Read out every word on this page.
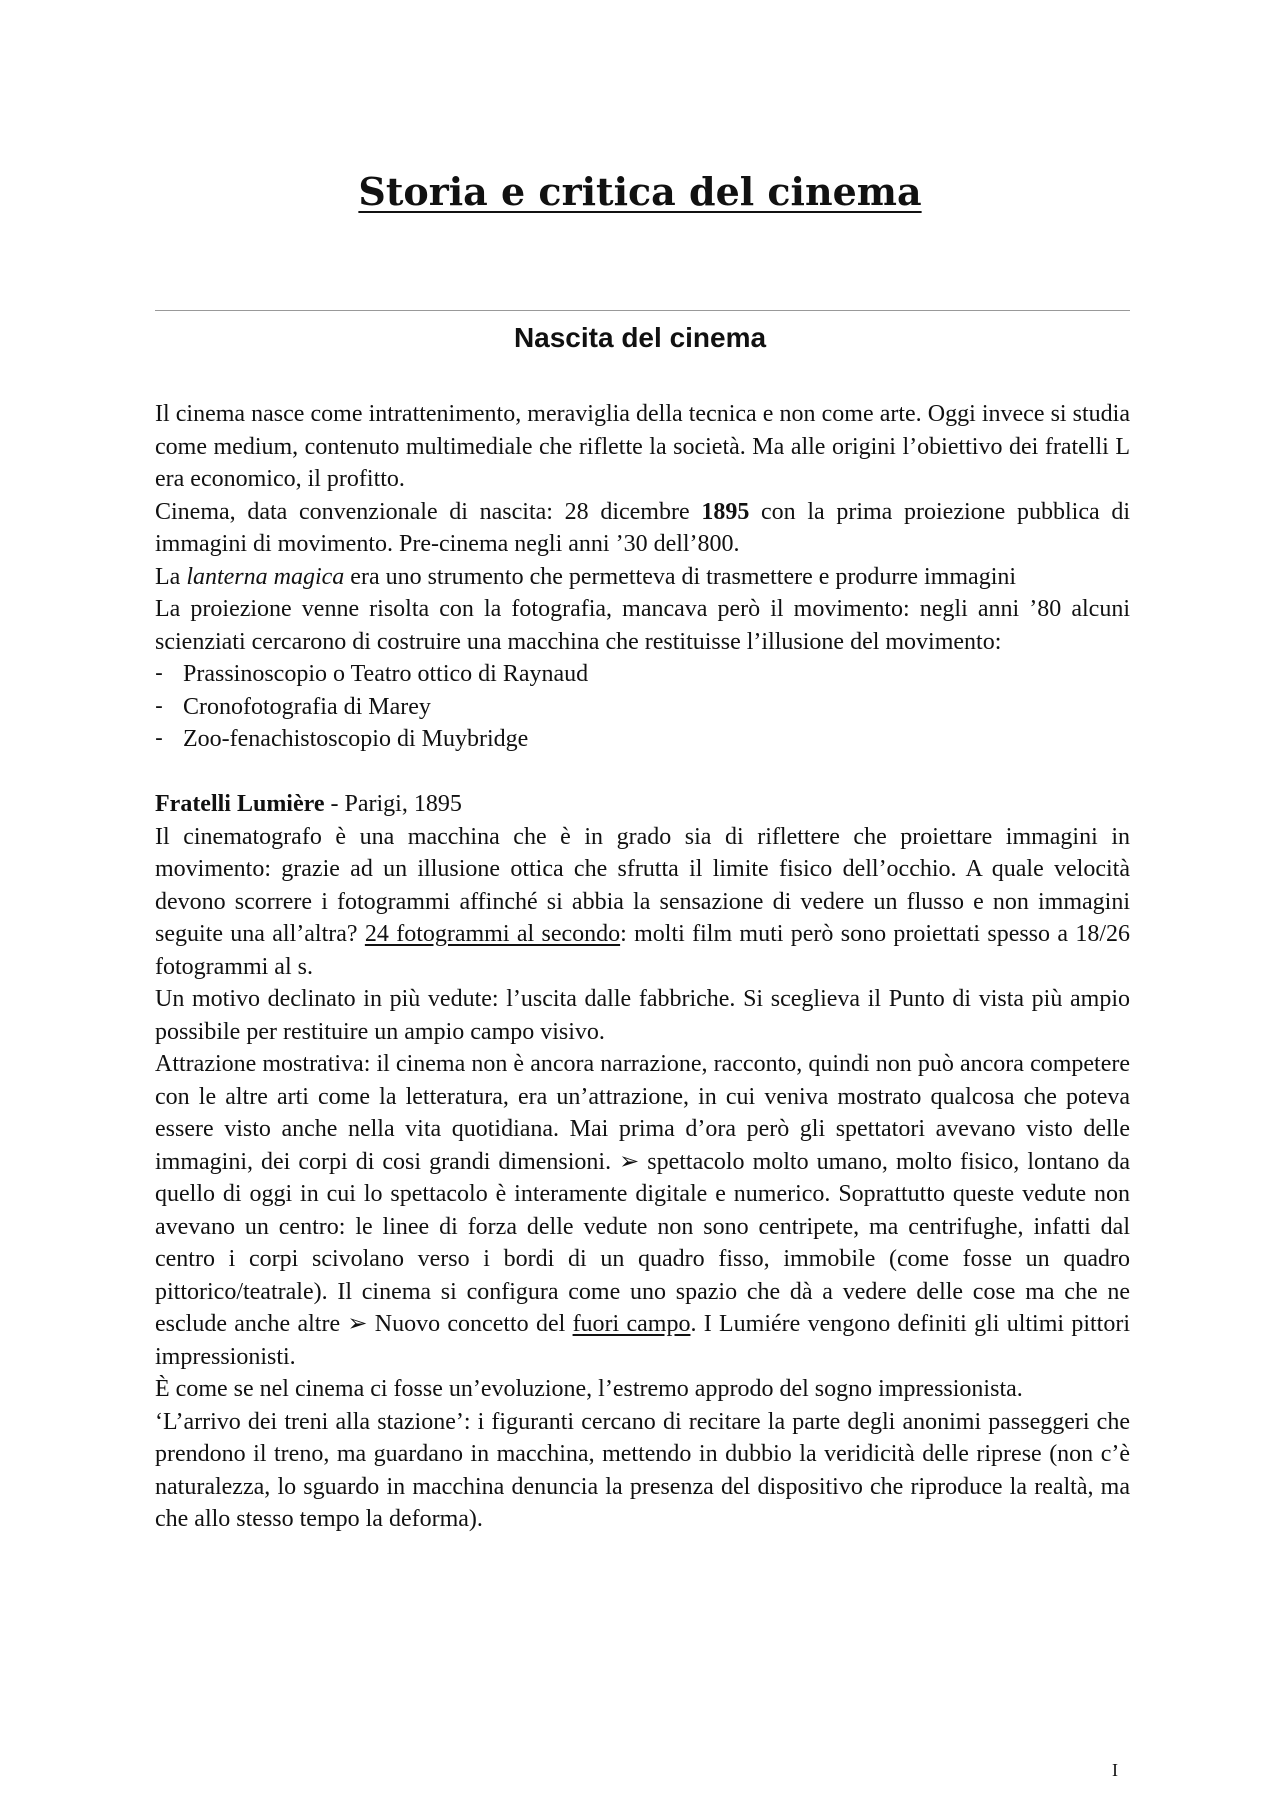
Storia e critica del cinema
Nascita del cinema

Il cinema nasce come intrattenimento, meraviglia della tecnica e non come arte. Oggi invece si studia come medium, contenuto multimediale che riflette la società. Ma alle origini l’obiettivo dei fratelli L era economico, il profitto.

Cinema, data convenzionale di nascita: 28 dicembre 1895 con la prima proiezione pubblica di immagini di movimento. Pre-cinema negli anni ’30 dell’800.

La lanterna magica era uno strumento che permetteva di trasmettere e produrre immagini

La proiezione venne risolta con la fotografia, mancava però il movimento: negli anni ’80 alcuni scienziati cercarono di costruire una macchina che restituisse l’illusione del movimento:

- Prassinoscopio o Teatro ottico di Raynaud
- Cronofotografia di Marey
- Zoo-fenachistoscopio di Muybridge

Fratelli Lumière - Parigi, 1895

Il cinematografo è una macchina che è in grado sia di riflettere che proiettare immagini in movimento: grazie ad un illusione ottica che sfrutta il limite fisico dell’occhio. A quale velocità devono scorrere i fotogrammi affinché si abbia la sensazione di vedere un flusso e non immagini seguite una all’altra? 24 fotogrammi al secondo: molti film muti però sono proiettati spesso a 18/26 fotogrammi al s.

Un motivo declinato in più vedute: l’uscita dalle fabbriche. Si sceglieva il Punto di vista più ampio possibile per restituire un ampio campo visivo.

Attrazione mostrativa: il cinema non è ancora narrazione, racconto, quindi non può ancora competere con le altre arti come la letteratura, era un’attrazione, in cui veniva mostrato qualcosa che poteva essere visto anche nella vita quotidiana. Mai prima d’ora però gli spettatori avevano visto delle immagini, dei corpi di cosi grandi dimensioni. ➢ spettacolo molto umano, molto fisico, lontano da quello di oggi in cui lo spettacolo è interamente digitale e numerico. Soprattutto queste vedute non avevano un centro: le linee di forza delle vedute non sono centripete, ma centrifughe, infatti dal centro i corpi scivolano verso i bordi di un quadro fisso, immobile (come fosse un quadro pittorico/teatrale). Il cinema si configura come uno spazio che dà a vedere delle cose ma che ne esclude anche altre ➢ Nuovo concetto del fuori campo. I Lumiére vengono definiti gli ultimi pittori impressionisti.

È come se nel cinema ci fosse un’evoluzione, l’estremo approdo del sogno impressionista.

‘L’arrivo dei treni alla stazione’: i figuranti cercano di recitare la parte degli anonimi passeggeri che prendono il treno, ma guardano in macchina, mettendo in dubbio la veridicità delle riprese (non c’è naturalezza, lo sguardo in macchina denuncia la presenza del dispositivo che riproduce la realtà, ma che allo stesso tempo la deforma).

I
